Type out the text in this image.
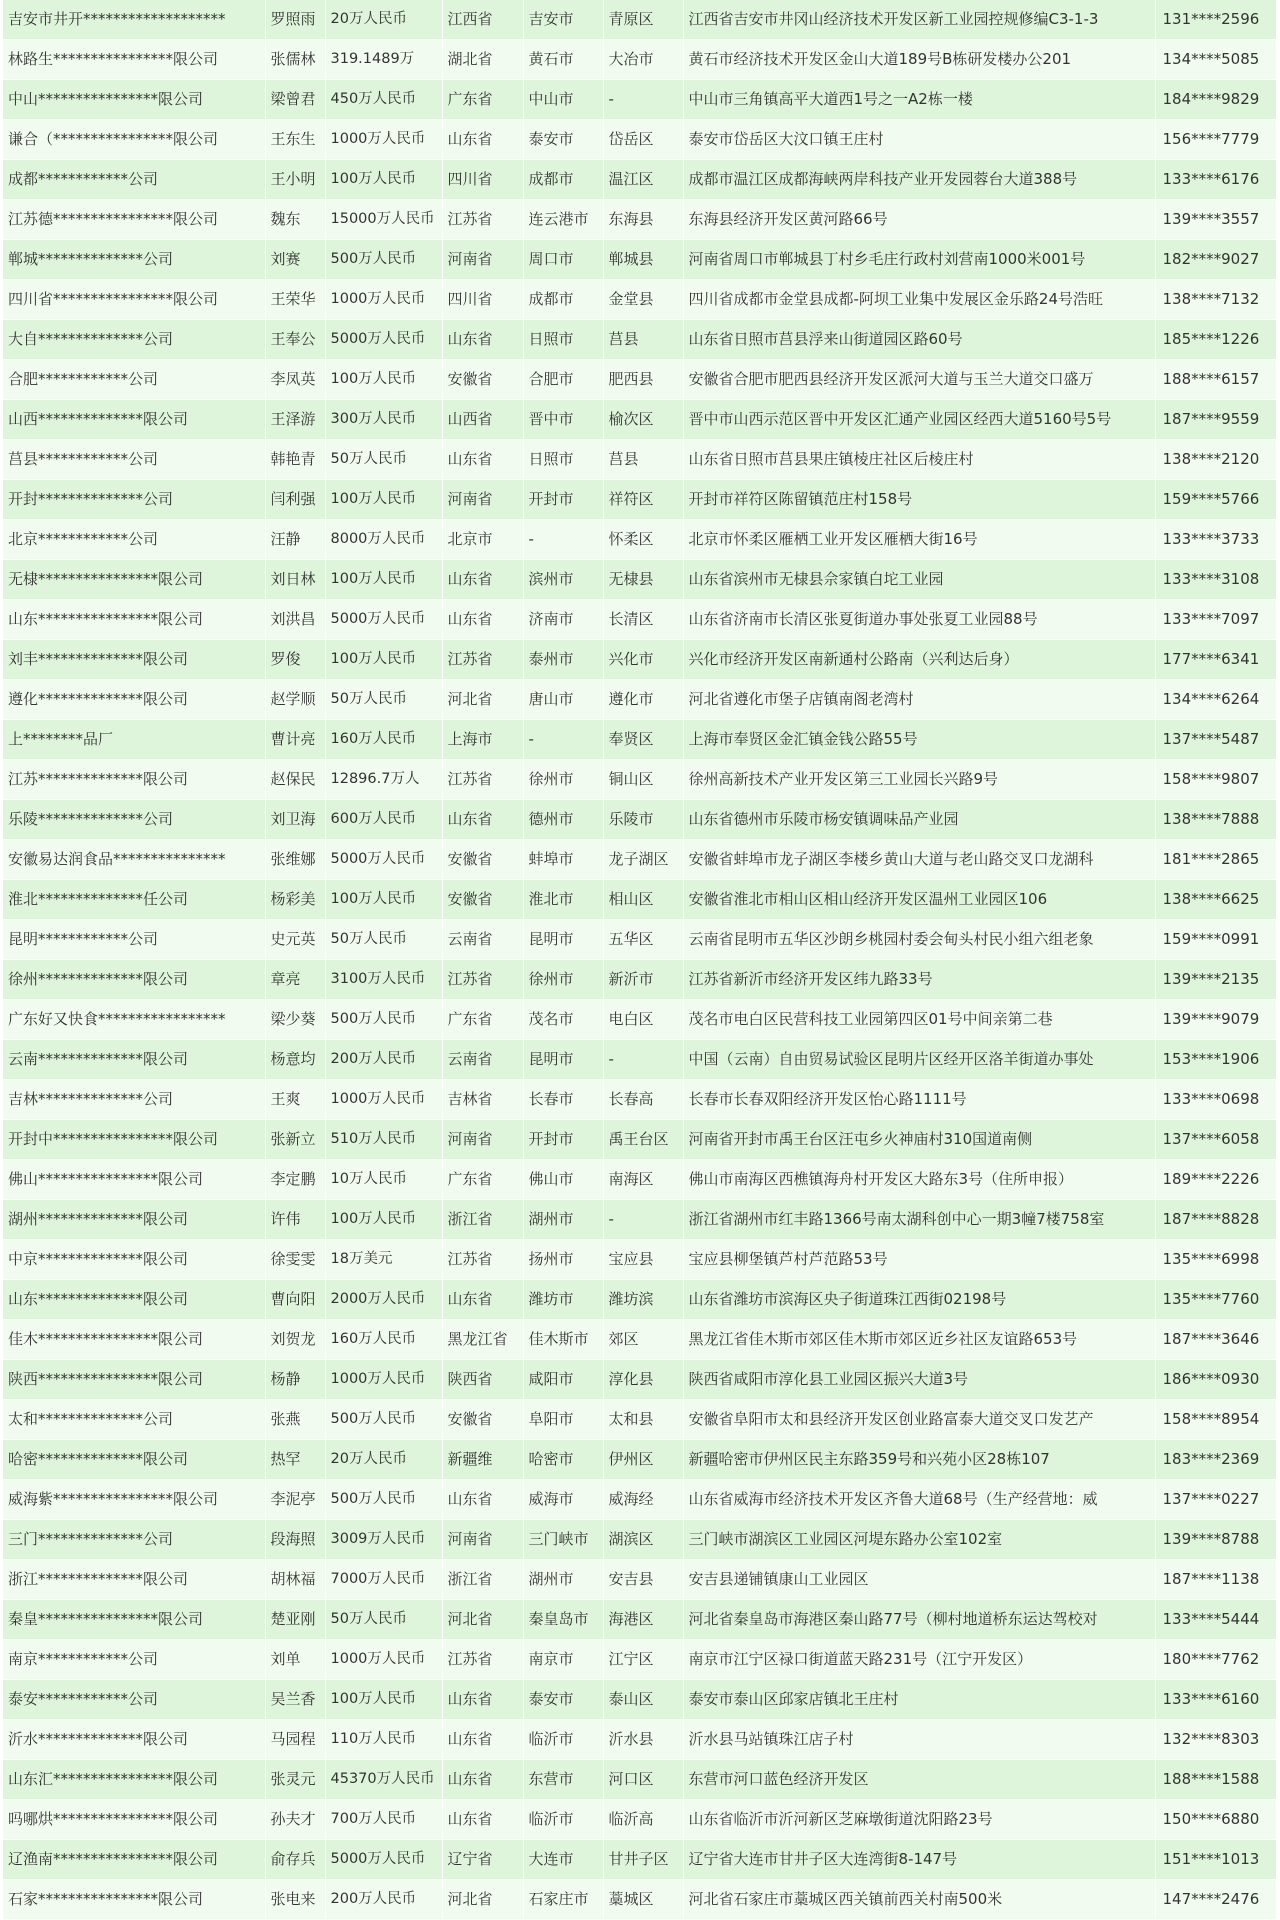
吉安市井开*******************	罗照雨	20万人民币	江西省	吉安市	青原区	江西省吉安市井冈山经济技术开发区新工业园控规修编C3-1-3	131****2596
林路生****************限公司	张儒林	319.1489万	湖北省	黄石市	大冶市	黄石市经济技术开发区金山大道189号B栋研发楼办公201	134****5085
中山****************限公司	梁曾君	450万人民币	广东省	中山市	-	中山市三角镇高平大道西1号之一A2栋一楼	184****9829
谦合（****************限公司	王东生	1000万人民币	山东省	泰安市	岱岳区	泰安市岱岳区大汶口镇王庄村	156****7779
成都************公司	王小明	100万人民币	四川省	成都市	温江区	成都市温江区成都海峡两岸科技产业开发园蓉台大道388号	133****6176
江苏德****************限公司	魏东	15000万人民币	江苏省	连云港市	东海县	东海县经济开发区黄河路66号	139****3557
郸城**************公司	刘赛	500万人民币	河南省	周口市	郸城县	河南省周口市郸城县丁村乡毛庄行政村刘营南1000米001号	182****9027
四川省****************限公司	王荣华	1000万人民币	四川省	成都市	金堂县	四川省成都市金堂县成都-阿坝工业集中发展区金乐路24号浩旺	138****7132
大自**************公司	王奉公	5000万人民币	山东省	日照市	莒县	山东省日照市莒县浮来山街道园区路60号	185****1226
合肥************公司	李凤英	100万人民币	安徽省	合肥市	肥西县	安徽省合肥市肥西县经济开发区派河大道与玉兰大道交口盛万	188****6157
山西**************限公司	王泽游	300万人民币	山西省	晋中市	榆次区	晋中市山西示范区晋中开发区汇通产业园区经西大道5160号5号	187****9559
莒县************公司	韩艳青	50万人民币	山东省	日照市	莒县	山东省日照市莒县果庄镇棱庄社区后棱庄村	138****2120
开封**************公司	闫利强	100万人民币	河南省	开封市	祥符区	开封市祥符区陈留镇范庄村158号	159****5766
北京************公司	汪静	8000万人民币	北京市	-	怀柔区	北京市怀柔区雁栖工业开发区雁栖大街16号	133****3733
无棣****************限公司	刘日林	100万人民币	山东省	滨州市	无棣县	山东省滨州市无棣县佘家镇白坨工业园	133****3108
山东****************限公司	刘洪昌	5000万人民币	山东省	济南市	长清区	山东省济南市长清区张夏街道办事处张夏工业园88号	133****7097
刘丰**************限公司	罗俊	100万人民币	江苏省	泰州市	兴化市	兴化市经济开发区南新通村公路南（兴利达后身）	177****6341
遵化**************限公司	赵学顺	50万人民币	河北省	唐山市	遵化市	河北省遵化市堡子店镇南阁老湾村	134****6264
上********品厂	曹计亮	160万人民币	上海市	-	奉贤区	上海市奉贤区金汇镇金钱公路55号	137****5487
江苏**************限公司	赵保民	12896.7万人	江苏省	徐州市	铜山区	徐州高新技术产业开发区第三工业园长兴路9号	158****9807
乐陵**************公司	刘卫海	600万人民币	山东省	德州市	乐陵市	山东省德州市乐陵市杨安镇调味品产业园	138****7888
安徽易达润食品***************	张维娜	5000万人民币	安徽省	蚌埠市	龙子湖区	安徽省蚌埠市龙子湖区李楼乡黄山大道与老山路交叉口龙湖科	181****2865
淮北**************任公司	杨彩美	100万人民币	安徽省	淮北市	相山区	安徽省淮北市相山区相山经济开发区温州工业园区106	138****6625
昆明************公司	史元英	50万人民币	云南省	昆明市	五华区	云南省昆明市五华区沙朗乡桃园村委会甸头村民小组六组老象	159****0991
徐州**************限公司	章亮	3100万人民币	江苏省	徐州市	新沂市	江苏省新沂市经济开发区纬九路33号	139****2135
广东好又快食*****************	梁少葵	500万人民币	广东省	茂名市	电白区	茂名市电白区民营科技工业园第四区01号中间亲第二巷	139****9079
云南**************限公司	杨意均	200万人民币	云南省	昆明市	-	中国（云南）自由贸易试验区昆明片区经开区洛羊街道办事处	153****1906
吉林**************公司	王爽	1000万人民币	吉林省	长春市	长春高	长春市长春双阳经济开发区怡心路1111号	133****0698
开封中****************限公司	张新立	510万人民币	河南省	开封市	禹王台区	河南省开封市禹王台区汪屯乡火神庙村310国道南侧	137****6058
佛山****************限公司	李定鹏	10万人民币	广东省	佛山市	南海区	佛山市南海区西樵镇海舟村开发区大路东3号（住所申报）	189****2226
湖州**************限公司	许伟	100万人民币	浙江省	湖州市	-	浙江省湖州市红丰路1366号南太湖科创中心一期3幢7楼758室	187****8828
中京**************限公司	徐雯雯	18万美元	江苏省	扬州市	宝应县	宝应县柳堡镇芦村芦范路53号	135****6998
山东**************限公司	曹向阳	2000万人民币	山东省	潍坊市	潍坊滨	山东省潍坊市滨海区央子街道珠江西街02198号	135****7760
佳木****************限公司	刘贺龙	160万人民币	黑龙江省	佳木斯市	郊区	黑龙江省佳木斯市郊区佳木斯市郊区近乡社区友谊路653号	187****3646
陕西****************限公司	杨静	1000万人民币	陕西省	咸阳市	淳化县	陕西省咸阳市淳化县工业园区振兴大道3号	186****0930
太和**************公司	张燕	500万人民币	安徽省	阜阳市	太和县	安徽省阜阳市太和县经济开发区创业路富泰大道交叉口发艺产	158****8954
哈密**************限公司	热罕	20万人民币	新疆维	哈密市	伊州区	新疆哈密市伊州区民主东路359号和兴苑小区28栋107	183****2369
威海紫****************限公司	李泥亭	500万人民币	山东省	威海市	威海经	山东省威海市经济技术开发区齐鲁大道68号（生产经营地：威	137****0227
三门**************公司	段海照	3009万人民币	河南省	三门峡市	湖滨区	三门峡市湖滨区工业园区河堤东路办公室102室	139****8788
浙江**************限公司	胡林福	7000万人民币	浙江省	湖州市	安吉县	安吉县递铺镇康山工业园区	187****1138
秦皇****************限公司	楚亚刚	50万人民币	河北省	秦皇岛市	海港区	河北省秦皇岛市海港区秦山路77号（柳村地道桥东运达驾校对	133****5444
南京************公司	刘单	1000万人民币	江苏省	南京市	江宁区	南京市江宁区禄口街道蓝天路231号（江宁开发区）	180****7762
泰安************公司	吴兰香	100万人民币	山东省	泰安市	泰山区	泰安市泰山区邱家店镇北王庄村	133****6160
沂水**************限公司	马园程	110万人民币	山东省	临沂市	沂水县	沂水县马站镇珠江店子村	132****8303
山东汇****************限公司	张灵元	45370万人民币	山东省	东营市	河口区	东营市河口蓝色经济开发区	188****1588
吗哪烘****************限公司	孙夫才	700万人民币	山东省	临沂市	临沂高	山东省临沂市沂河新区芝麻墩街道沈阳路23号	150****6880
辽渔南****************限公司	俞存兵	5000万人民币	辽宁省	大连市	甘井子区	辽宁省大连市甘井子区大连湾街8-147号	151****1013
石家****************限公司	张电来	200万人民币	河北省	石家庄市	藁城区	河北省石家庄市藁城区西关镇前西关村南500米	147****2476
